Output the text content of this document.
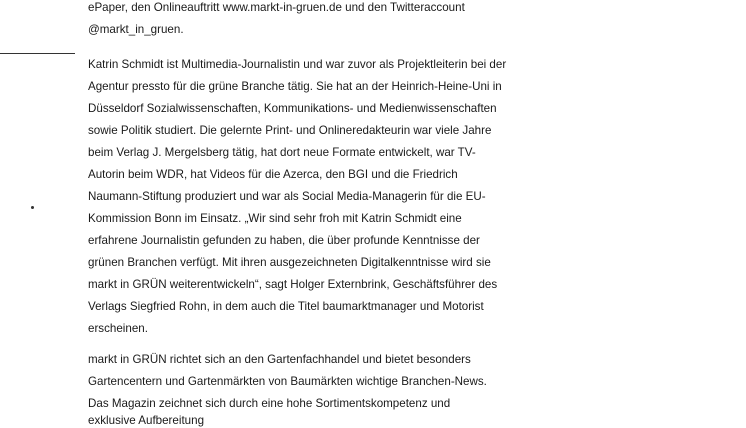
ePaper, den Onlineauftritt www.markt-in-gruen.de und den Twitteraccount

@markt_in_gruen.

Katrin Schmidt ist Multimedia-Journalistin und war zuvor als Projektleiterin bei der

Agentur pressto für die grüne Branche tätig. Sie hat an der Heinrich-Heine-Uni in

Düsseldorf Sozialwissenschaften, Kommunikations- und Medienwissenschaften

sowie Politik studiert. Die gelernte Print- und Onlineredakteurin war viele Jahre

beim Verlag J. Mergelsberg tätig, hat dort neue Formate entwickelt, war TV-

Autorin beim WDR, hat Videos für die Azerca, den BGI und die Friedrich

Naumann-Stiftung produziert und war als Social Media-Managerin für die EU-

Kommission Bonn im Einsatz. „Wir sind sehr froh mit Katrin Schmidt eine

erfahrene Journalistin gefunden zu haben, die über profunde Kenntnisse der

grünen Branchen verfügt. Mit ihren ausgezeichneten Digitalkenntnisse wird sie

markt in GRÜN weiterentwickeln“, sagt Holger Externbrink, Geschäftsführer des

Verlags Siegfried Rohn, in dem auch die Titel baumarktmanager und Motorist

erscheinen.

markt in GRÜN richtet sich an den Gartenfachhandel und bietet besonders

Gartencentern und Gartenmärkten von Baumärkten wichtige Branchen-News.

Das Magazin zeichnet sich durch eine hohe Sortimentskompetenz und

exklusive Aufbereitung
